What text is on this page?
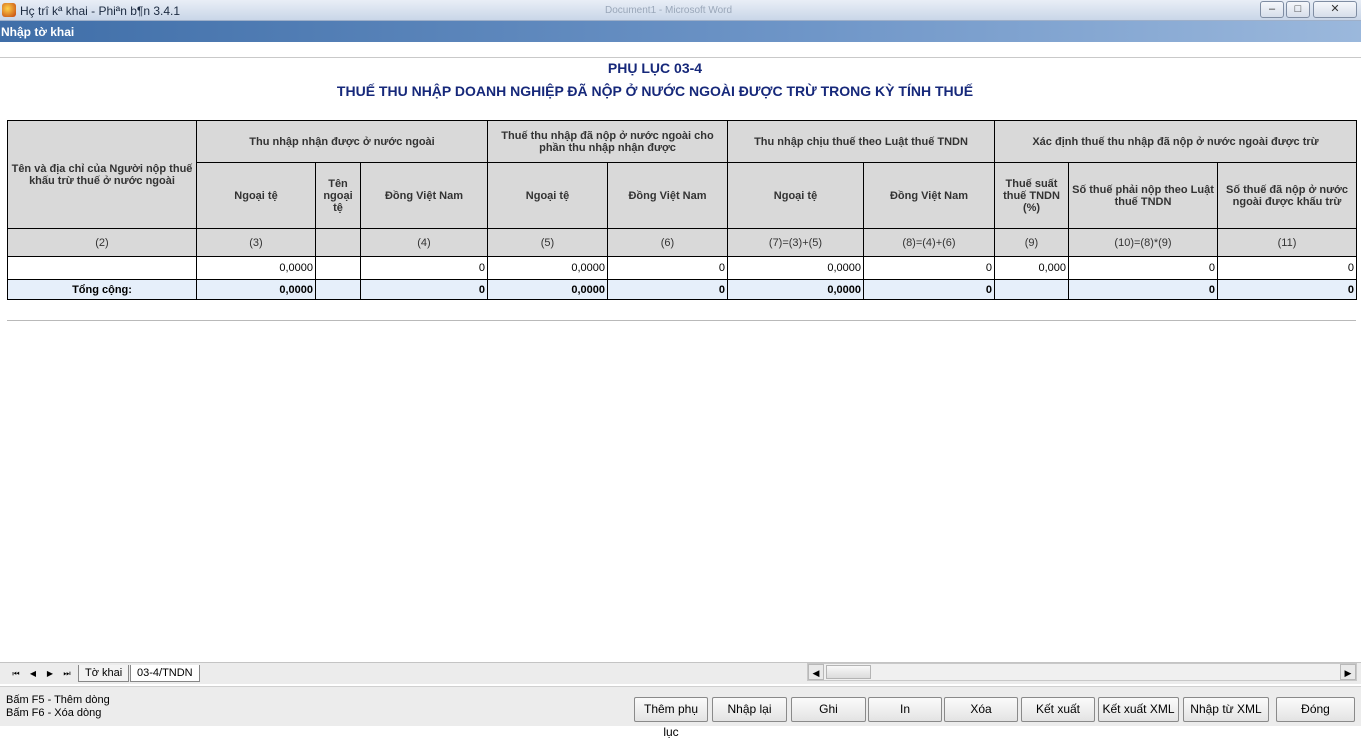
Hç trî kª khai - Phiªn b¶n 3.4.1	Document1 - Microsoft Word	–	□	✕
Nhập tờ khai
PHỤ LỤC 03-4
THUẾ THU NHẬP DOANH NGHIỆP ĐÃ NỘP Ở NƯỚC NGOÀI ĐƯỢC TRỪ TRONG KỲ TÍNH THUẾ
Tên và địa chỉ của Người nộp thuế khấu trừ thuế ở nước ngoài	Thu nhập nhận được ở nước ngoài			Thuế thu nhập đã nộp ở nước ngoài cho phần thu nhập nhận được		Thu nhập chịu thuế theo Luật thuế TNDN		Xác định thuế thu nhập đã nộp ở nước ngoài được trừ		
	Ngoại tệ	Tên ngoại tệ	Đồng Việt Nam	Ngoại tệ	Đồng Việt Nam	Ngoại tệ	Đồng Việt Nam	Thuế suất thuế TNDN (%)	Số thuế phải nộp theo Luật thuế TNDN	Số thuế đã nộp ở nước ngoài được khấu trừ
(2)	(3)		(4)	(5)	(6)	(7)=(3)+(5)	(8)=(4)+(6)	(9)	(10)=(8)*(9)	(11)
	0,0000		0	0,0000	0	0,0000	0	0,000	0	0
Tổng cộng:	0,0000		0	0,0000	0	0,0000	0		0	0
⏮	◀	▶	⏭	Tờ khai	03-4/TNDN	◀	▶
Bấm F5 - Thêm dòng
Bấm F6 - Xóa dòng	Thêm phụ lục
Nhập lại	Ghi	In	Xóa	Kết xuất	Kết xuất XML	Nhập từ XML	Đóng
